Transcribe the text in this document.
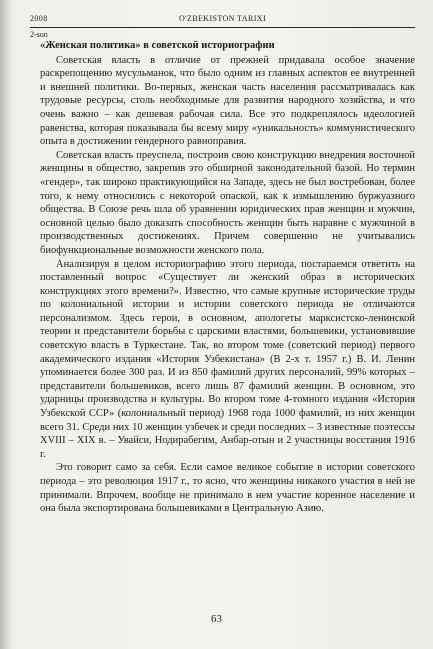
2008	O'ZBEKISTON TARIXI
2-son
«Женская политика» в советской историографии

Советская власть в отличие от прежней придавала особое значение раскрепощению мусульманок, что было одним из главных аспектов ее внутренней и внешней политики. Во-первых, женская часть населения рассматривалась как трудовые ресурсы, столь необходимые для развития народного хозяйства, и что очень важно – как дешевая рабочая сила. Все это подкреплялось идеологией равенства, которая показывала бы всему миру «уникальность» коммунистического опыта в достижении гендерного равноправия.

Советская власть преуспела, построив свою конструкцию внедрения восточной женщины в общество, закрепив это обширной законодательной базой. Но термин «гендер», так широко практикующийся на Западе, здесь не был востребован, более того, к нему относились с некоторой опаской, как к измышлению буржуазного общества. В Союзе речь шла об уравнении юридических прав женщин и мужчин, основной целью было доказать способность женщин быть наравне с мужчиной в производственных достижениях. Причем совершенно не учитывались биофункциональные возможности женского пола.

Анализируя в целом историографию этого периода, постараемся ответить на поставленный вопрос «Существует ли женский образ в исторических конструкциях этого времени?». Известно, что самые крупные исторические труды по колониальной истории и истории советского периода не отличаются персонализмом. Здесь герои, в основном, апологеты марксистско-ленинской теории и представители борьбы с царскими властями, большевики, установившие советскую власть в Туркестане. Так, во втором томе (советский период) первого академического издания «История Узбекистана» (В 2-х т. 1957 г.) В. И. Ленин упоминается более 300 раз. И из 850 фамилий других персоналий, 99% которых – представители большевиков, всего лишь 87 фамилий женщин. В основном, это ударницы производства и культуры. Во втором томе 4-томного издания «История Узбекской ССР» (колониальный период) 1968 года 1000 фамилий, из них женщин всего 31. Среди них 10 женщин узбечек и среди последних – 3 известные поэтессы XVIII – XIX в. – Увайси, Нодирабегим, Анбар-отын и 2 участницы восстания 1916 г.

Это говорит само за себя. Если самое великое событие в истории советского периода – это революция 1917 г., то ясно, что женщины никакого участия в ней не принимали. Впрочем, вообще не принимало в нем участие коренное население и она была экспортирована большевиками в Центральную Азию.

63
